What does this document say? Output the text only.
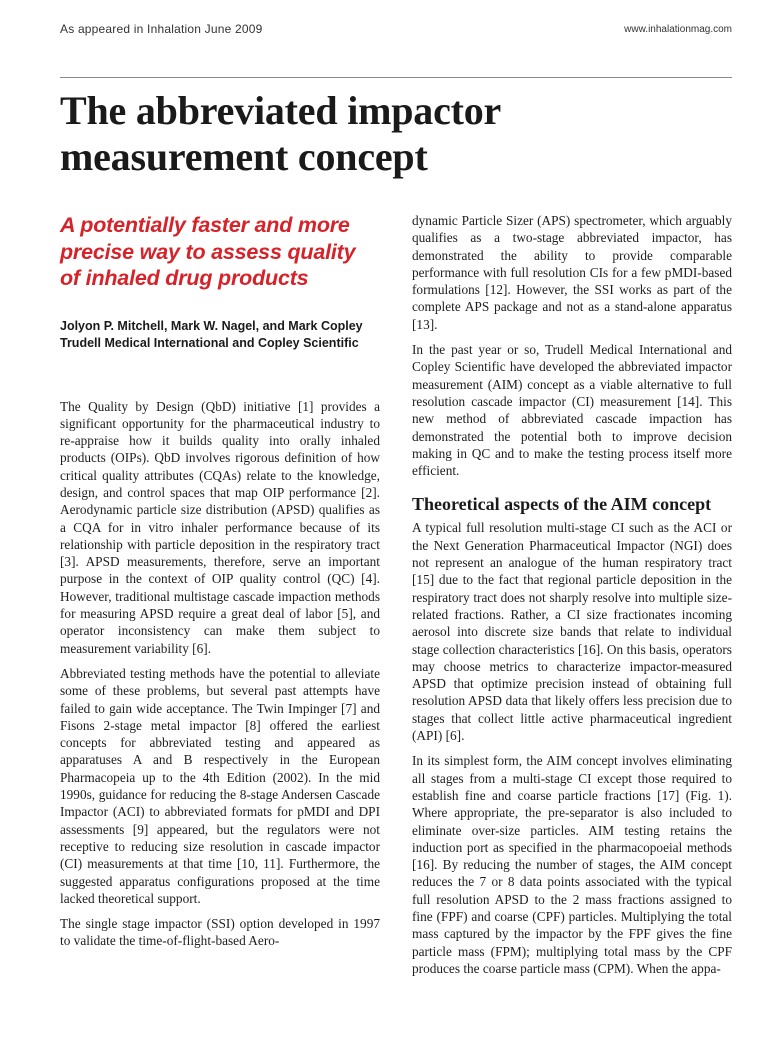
As appeared in Inhalation June 2009	www.inhalationmag.com
The abbreviated impactor measurement concept
A potentially faster and more precise way to assess quality of inhaled drug products
Jolyon P. Mitchell, Mark W. Nagel, and Mark Copley
Trudell Medical International and Copley Scientific

The Quality by Design (QbD) initiative [1] provides a significant opportunity for the pharmaceutical industry to re-appraise how it builds quality into orally inhaled products (OIPs). QbD involves rigorous definition of how critical quality attributes (CQAs) relate to the knowledge, design, and control spaces that map OIP performance [2]. Aerodynamic particle size distribution (APSD) qualifies as a CQA for in vitro inhaler performance because of its relationship with particle deposition in the respiratory tract [3]. APSD measurements, therefore, serve an important purpose in the context of OIP quality control (QC) [4]. However, traditional multistage cascade impaction methods for measuring APSD require a great deal of labor [5], and operator inconsistency can make them subject to measurement variability [6].

Abbreviated testing methods have the potential to alleviate some of these problems, but several past attempts have failed to gain wide acceptance. The Twin Impinger [7] and Fisons 2-stage metal impactor [8] offered the earliest concepts for abbreviated testing and appeared as apparatuses A and B respectively in the European Pharmacopeia up to the 4th Edition (2002). In the mid 1990s, guidance for reducing the 8-stage Andersen Cascade Impactor (ACI) to abbreviated formats for pMDI and DPI assessments [9] appeared, but the regulators were not receptive to reducing size resolution in cascade impactor (CI) measurements at that time [10, 11]. Furthermore, the suggested apparatus configurations proposed at the time lacked theoretical support.

The single stage impactor (SSI) option developed in 1997 to validate the time-of-flight-based Aero-

dynamic Particle Sizer (APS) spectrometer, which arguably qualifies as a two-stage abbreviated impactor, has demonstrated the ability to provide comparable performance with full resolution CIs for a few pMDI-based formulations [12]. However, the SSI works as part of the complete APS package and not as a stand-alone apparatus [13].

In the past year or so, Trudell Medical International and Copley Scientific have developed the abbreviated impactor measurement (AIM) concept as a viable alternative to full resolution cascade impactor (CI) measurement [14]. This new method of abbreviated cascade impaction has demonstrated the potential both to improve decision making in QC and to make the testing process itself more efficient.

Theoretical aspects of the AIM concept

A typical full resolution multi-stage CI such as the ACI or the Next Generation Pharmaceutical Impactor (NGI) does not represent an analogue of the human respiratory tract [15] due to the fact that regional particle deposition in the respiratory tract does not sharply resolve into multiple size-related fractions. Rather, a CI size fractionates incoming aerosol into discrete size bands that relate to individual stage collection characteristics [16]. On this basis, operators may choose metrics to characterize impactor-measured APSD that optimize precision instead of obtaining full resolution APSD data that likely offers less precision due to stages that collect little active pharmaceutical ingredient (API) [6].

In its simplest form, the AIM concept involves eliminating all stages from a multi-stage CI except those required to establish fine and coarse particle fractions [17] (Fig. 1). Where appropriate, the pre-separator is also included to eliminate over-size particles. AIM testing retains the induction port as specified in the pharmacopoeial methods [16]. By reducing the number of stages, the AIM concept reduces the 7 or 8 data points associated with the typical full resolution APSD to the 2 mass fractions assigned to fine (FPF) and coarse (CPF) particles. Multiplying the total mass captured by the impactor by the FPF gives the fine particle mass (FPM); multiplying total mass by the CPF produces the coarse particle mass (CPM). When the appa-
